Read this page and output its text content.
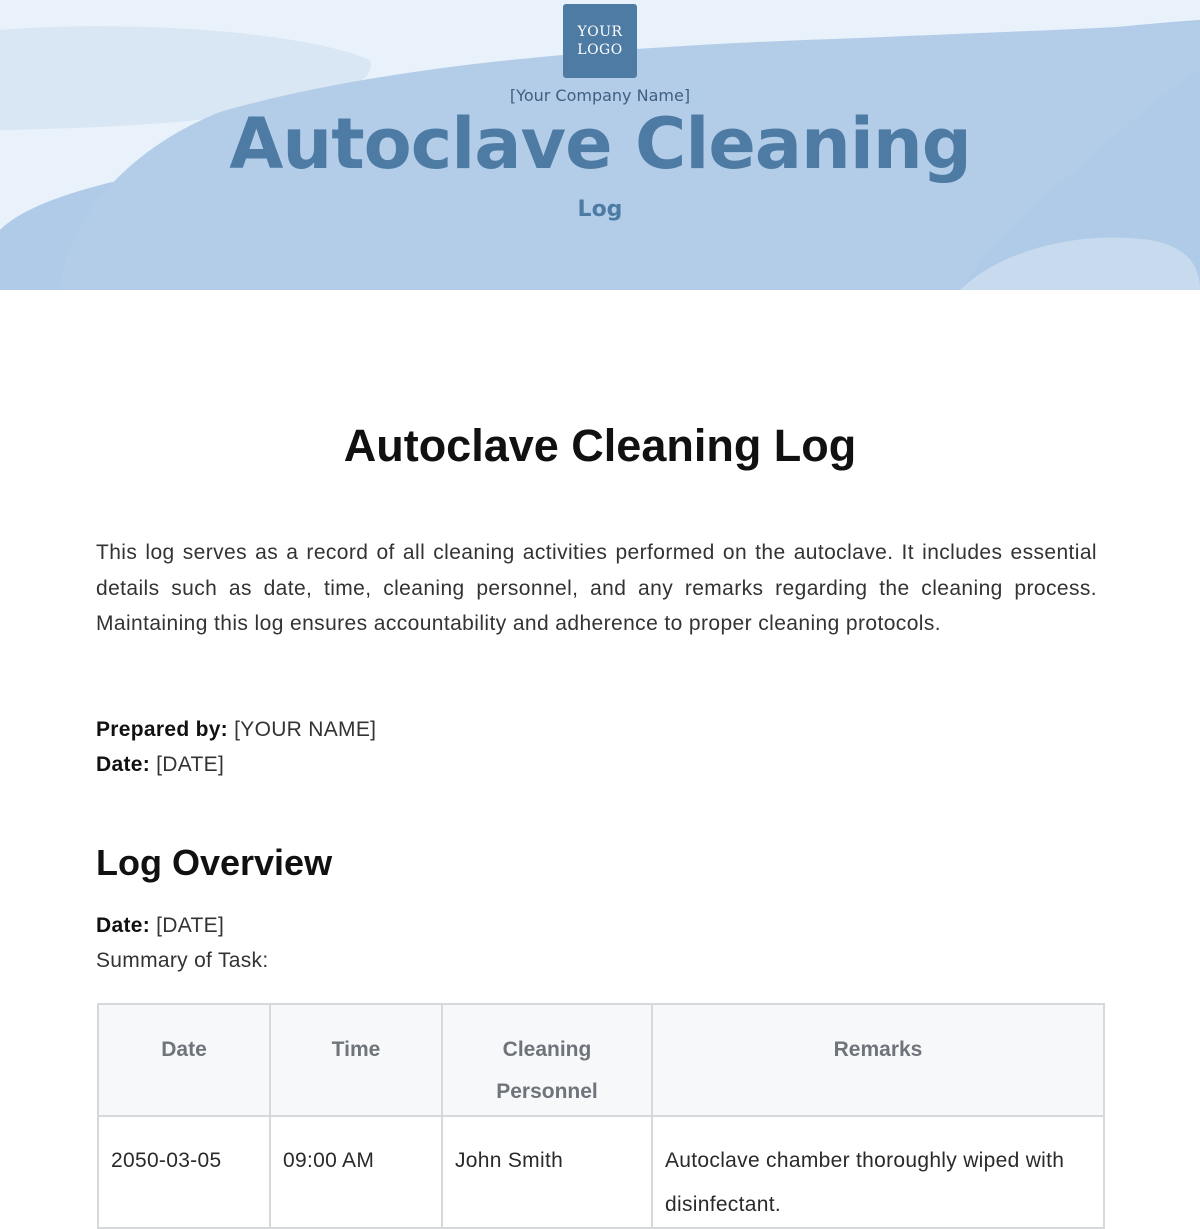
YOUR
LOGO
[Your Company Name]
Autoclave Cleaning
Log
Autoclave Cleaning Log

This log serves as a record of all cleaning activities performed on the autoclave. It includes essential details such as date, time, cleaning personnel, and any remarks regarding the cleaning process. Maintaining this log ensures accountability and adherence to proper cleaning protocols.

Prepared by: [YOUR NAME]
Date: [DATE]
Log Overview
Date: [DATE]
Summary of Task:
Date	Time	Cleaning Personnel	Remarks
2050-03-05	09:00 AM	John Smith	Autoclave chamber thoroughly wiped with disinfectant.
